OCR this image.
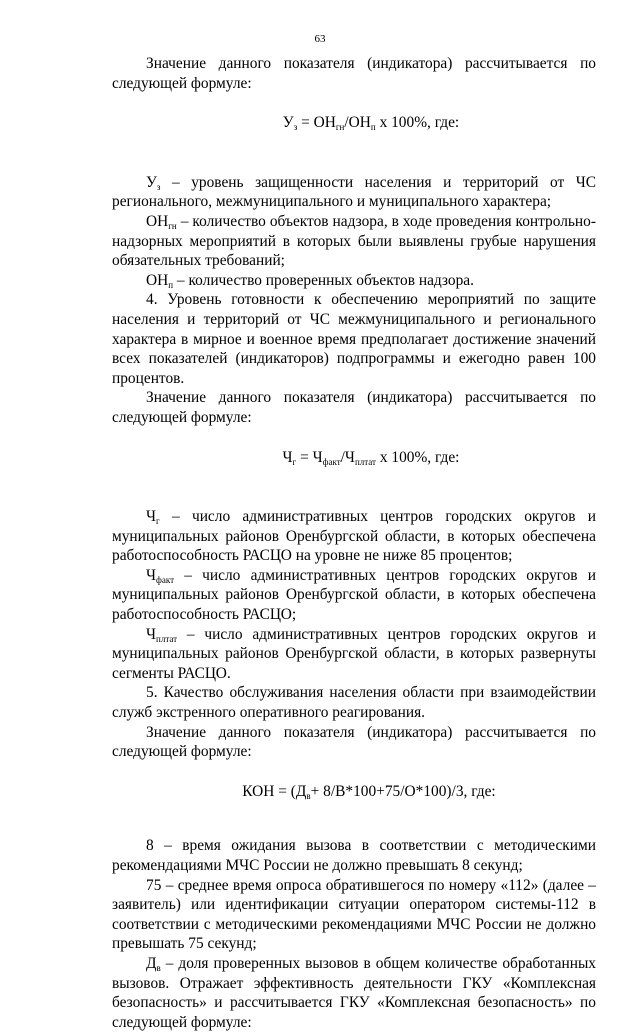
63

Значение данного показателя (индикатора) рассчитывается по следующей формуле:

$У_з = ОН_{гн}/ОН_п$ х 100%, где:

$У_з$ – уровень защищенности населения и территорий от ЧС регионального, межмуниципального и муниципального характера;

$ОН_{гн}$ – количество объектов надзора, в ходе проведения контрольно-надзорных мероприятий в которых были выявлены грубые нарушения обязательных требований;

$ОН_п$ – количество проверенных объектов надзора.

4. Уровень готовности к обеспечению мероприятий по защите населения и территорий от ЧС межмуниципального и регионального характера в мирное и военное время предполагает достижение значений всех показателей (индикаторов) подпрограммы и ежегодно равен 100 процентов.

Значение данного показателя (индикатора) рассчитывается по следующей формуле:

$Ч_г = Ч_{факт}/Ч_{плтат}$ х 100%, где:

$Ч_г$ – число административных центров городских округов и муниципальных районов Оренбургской области, в которых обеспечена работоспособность РАСЦО на уровне не ниже 85 процентов;

$Ч_{факт}$ – число административных центров городских округов и муниципальных районов Оренбургской области, в которых обеспечена работоспособность РАСЦО;

$Ч_{плтат}$ – число административных центров городских округов и муниципальных районов Оренбургской области, в которых развернуты сегменты РАСЦО.

5. Качество обслуживания населения области при взаимодействии служб экстренного оперативного реагирования.

Значение данного показателя (индикатора) рассчитывается по следующей формуле:

КОН = $(Д_в+ 8/В*100+75/О*100)/3$, где:

8 – время ожидания вызова в соответствии с методическими рекомендациями МЧС России не должно превышать 8 секунд;

75 – среднее время опроса обратившегося по номеру «112» (далее – заявитель) или идентификации ситуации оператором системы-112 в соответствии с методическими рекомендациями МЧС России не должно превышать 75 секунд;

$Д_в$ – доля проверенных вызовов в общем количестве обработанных вызовов. Отражает эффективность деятельности ГКУ «Комплексная безопасность» и рассчитывается ГКУ «Комплексная безопасность» по следующей формуле:
